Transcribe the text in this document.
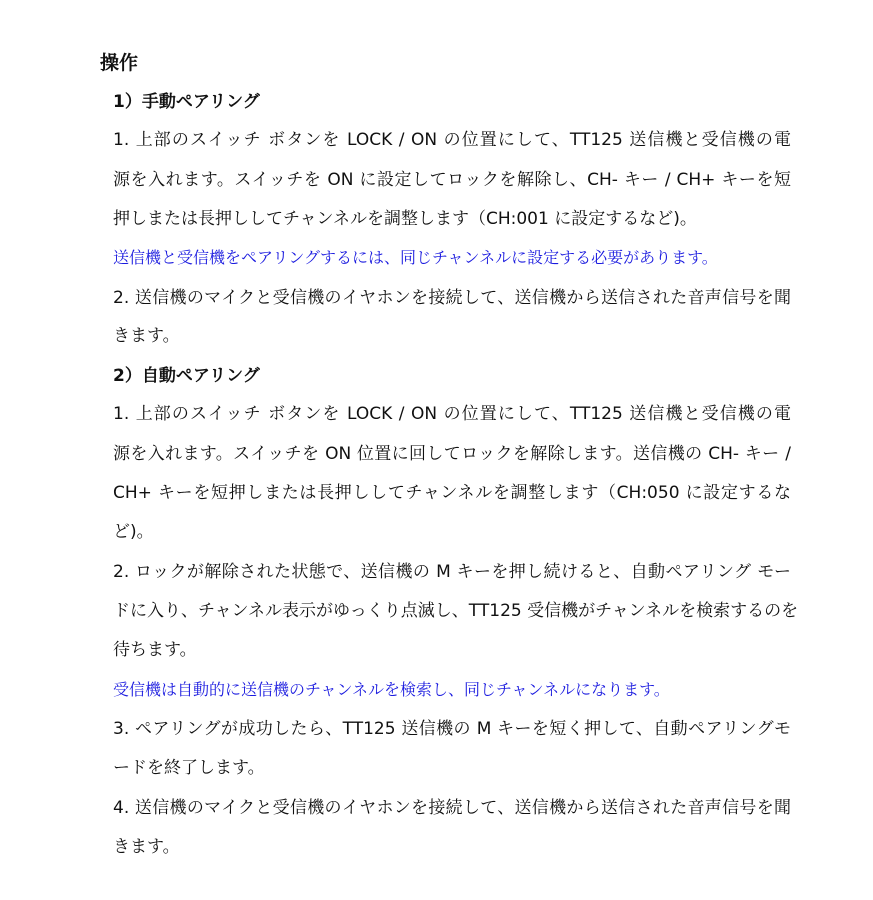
操作
1）手動ペアリング
1. 上部のスイッチ ボタンを LOCK / ON の位置にして、TT125 送信機と受信機の電
源を入れます。スイッチを ON に設定してロックを解除し、CH- キー / CH+ キーを短
押しまたは長押ししてチャンネルを調整します（CH:001 に設定するなど)。
送信機と受信機をペアリングするには、同じチャンネルに設定する必要があります。
2. 送信機のマイクと受信機のイヤホンを接続して、送信機から送信された音声信号を聞
きます。
2）自動ペアリング
1. 上部のスイッチ ボタンを LOCK / ON の位置にして、TT125 送信機と受信機の電
源を入れます。スイッチを ON 位置に回してロックを解除します。送信機の CH- キー /
CH+ キーを短押しまたは長押ししてチャンネルを調整します（CH:050 に設定するな
ど)。
2. ロックが解除された状態で、送信機の M キーを押し続けると、自動ペアリング モー
ドに入り、チャンネル表示がゆっくり点滅し、TT125 受信機がチャンネルを検索するのを
待ちます。
受信機は自動的に送信機のチャンネルを検索し、同じチャンネルになります。
3. ペアリングが成功したら、TT125 送信機の M キーを短く押して、自動ペアリングモ
ードを終了します。
4. 送信機のマイクと受信機のイヤホンを接続して、送信機から送信された音声信号を聞
きます。
